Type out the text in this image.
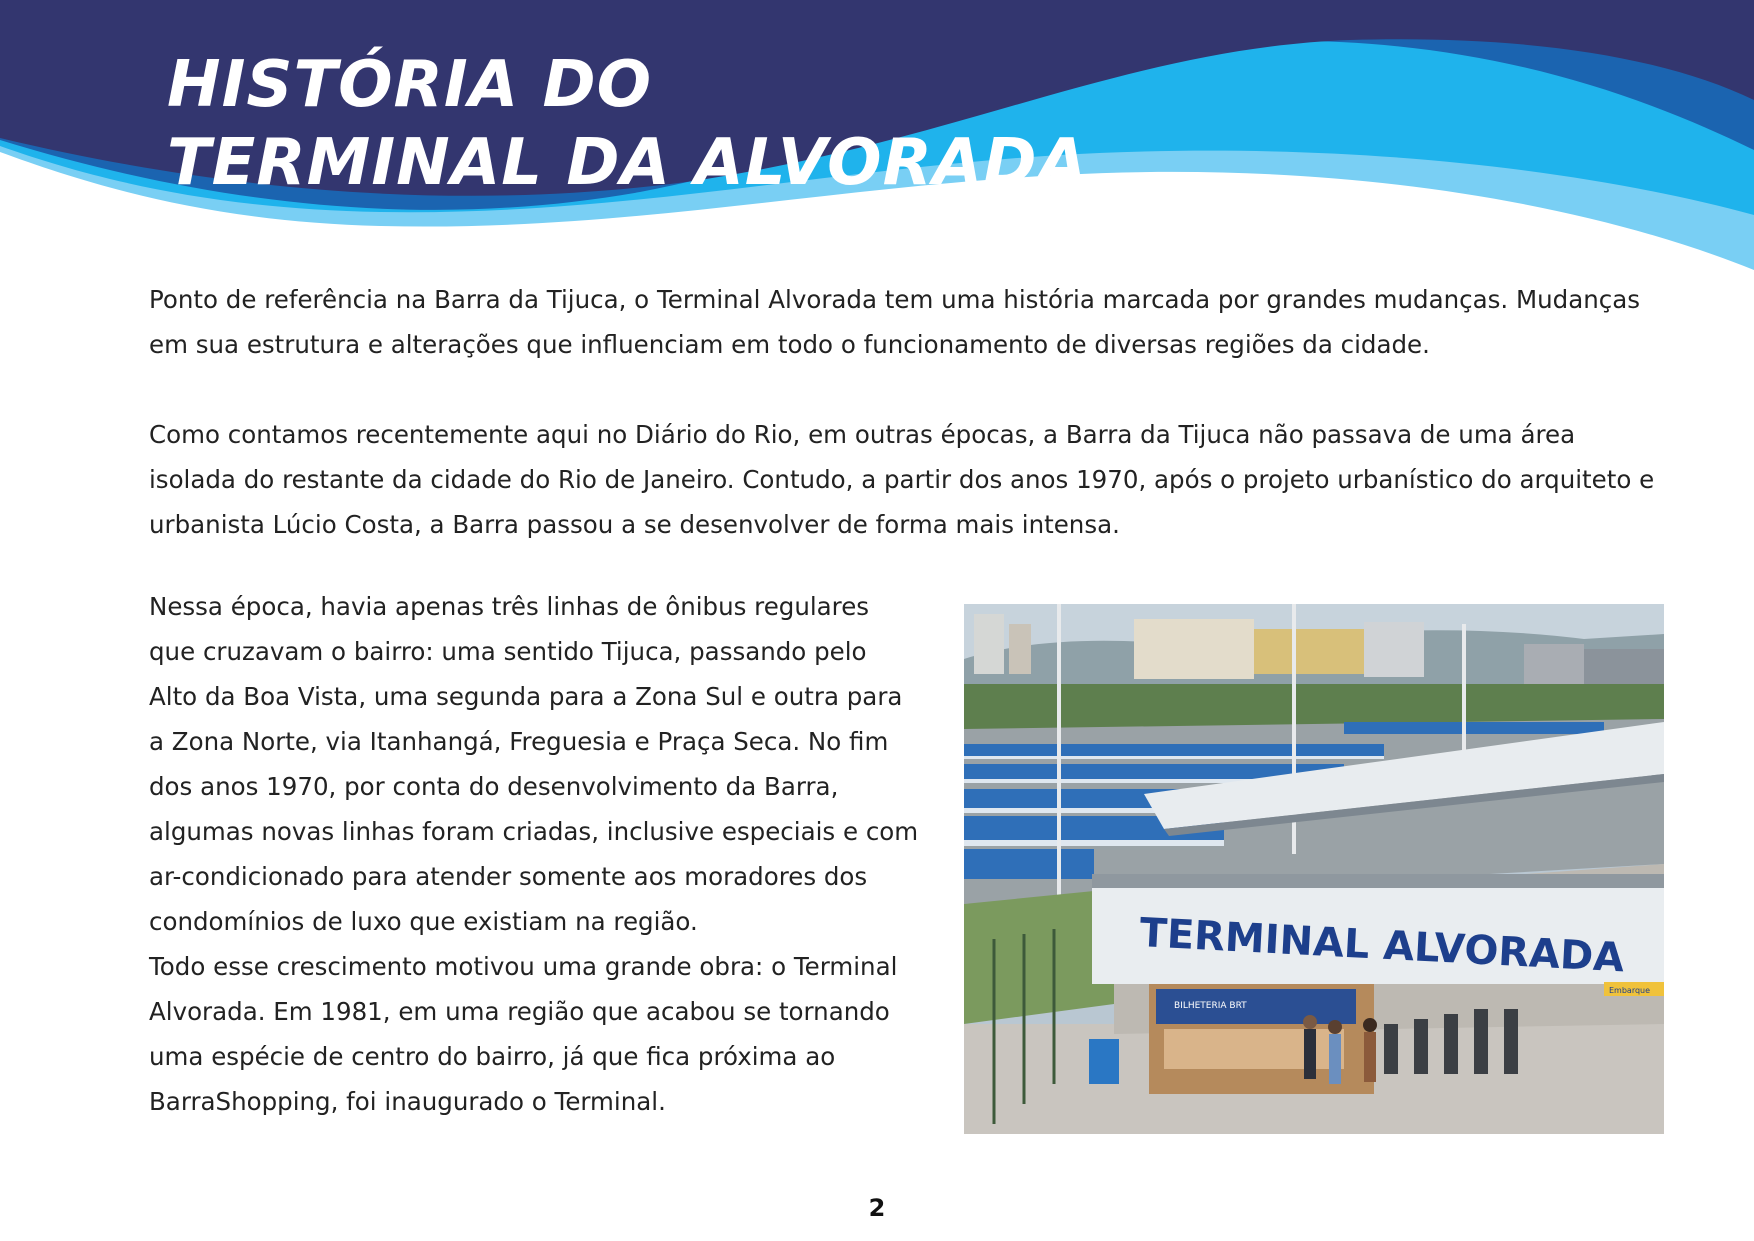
HISTÓRIA DO
TERMINAL DA ALVORADA

Ponto de referência na Barra da Tijuca, o Terminal Alvorada tem uma história marcada por grandes mudanças. Mudanças em sua estrutura e alterações que influenciam em todo o funcionamento de diversas regiões da cidade.

Como contamos recentemente aqui no Diário do Rio, em outras épocas, a Barra da Tijuca não passava de uma área isolada do restante da cidade do Rio de Janeiro. Contudo, a partir dos anos 1970, após o projeto urbanístico do arquiteto e urbanista Lúcio Costa, a Barra passou a se desenvolver de forma mais intensa.

Nessa época, havia apenas três linhas de ônibus regulares que cruzavam o bairro: uma sentido Tijuca, passando pelo Alto da Boa Vista, uma segunda para a Zona Sul e outra para a Zona Norte, via Itanhangá, Freguesia e Praça Seca. No fim dos anos 1970, por conta do desenvolvimento da Barra, algumas novas linhas foram criadas, inclusive especiais e com ar-condicionado para atender somente aos moradores dos condomínios de luxo que existiam na região.
Todo esse crescimento motivou uma grande obra: o Terminal Alvorada. Em 1981, em uma região que acabou se tornando uma espécie de centro do bairro, já que fica próxima ao BarraShopping, foi inaugurado o Terminal.
TERMINAL ALVORADA
BILHETERIA BRT
Embarque
2
